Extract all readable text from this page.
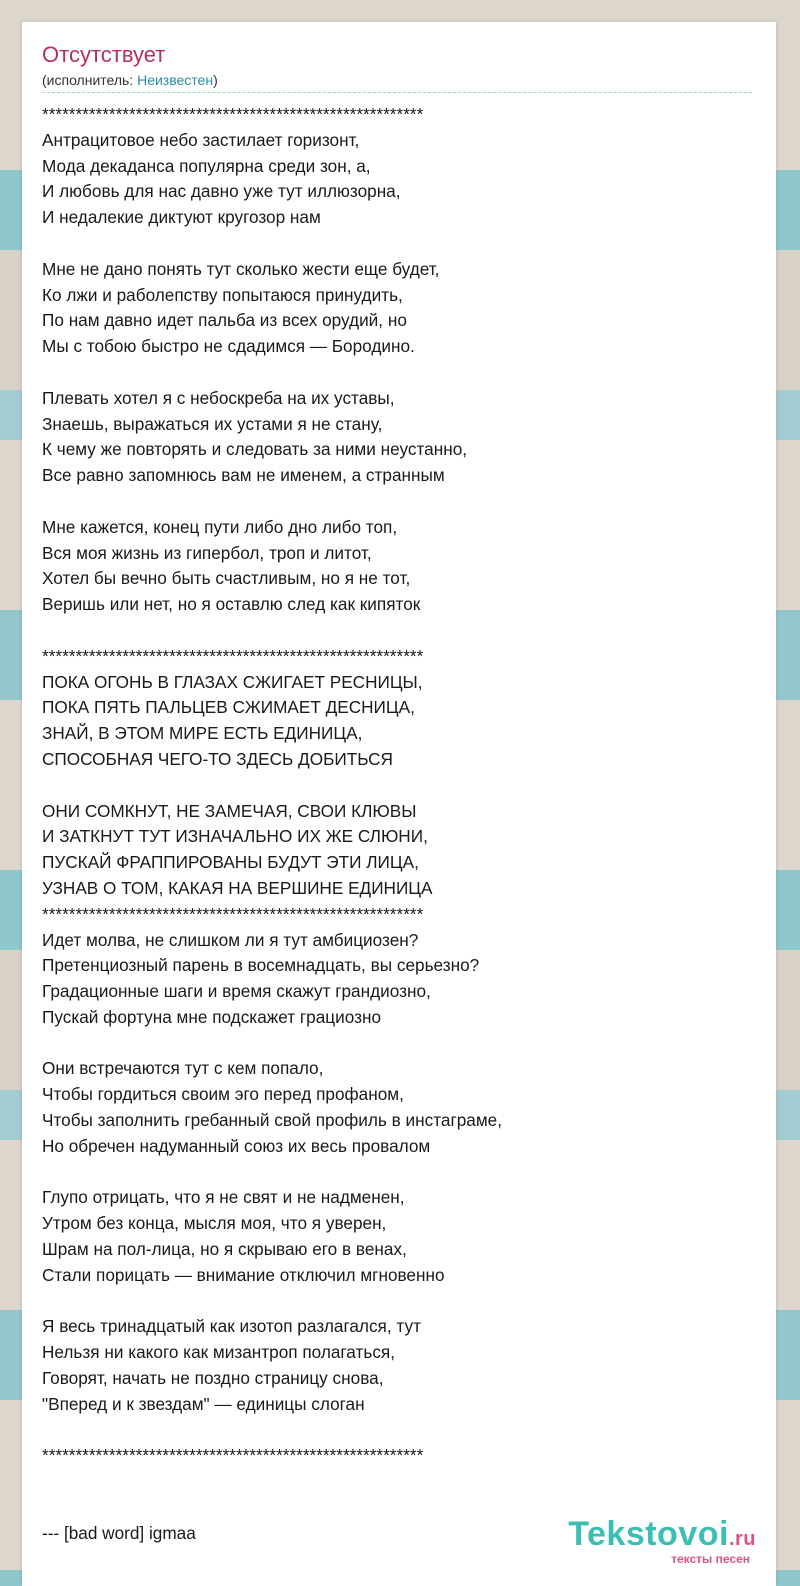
Отсутствует
(исполнитель: Неизвестен)
*********************************************************
Антрацитовое небо застилает горизонт,
Мода декаданса популярна среди зон, а,
И любовь для нас давно уже тут иллюзорна,
И недалекие диктуют кругозор нам
Мне не дано понять тут сколько жести еще будет,
Ко лжи и раболепству попытаюся принудить,
По нам давно идет пальба из всех орудий, но
Мы с тобою быстро не сдадимся — Бородино.
Плевать хотел я с небоскреба на их уставы,
Знаешь, выражаться их устами я не стану,
К чему же повторять и следовать за ними неустанно,
Все равно запомнюсь вам не именем, а странным
Мне кажется, конец пути либо дно либо топ,
Вся моя жизнь из гипербол, троп и литот,
Хотел бы вечно быть счастливым, но я не тот,
Веришь или нет, но я оставлю след как кипяток
*********************************************************
ПОКА ОГОНЬ В ГЛАЗАХ СЖИГАЕТ РЕСНИЦЫ,
ПОКА ПЯТЬ ПАЛЬЦЕВ СЖИМАЕТ ДЕСНИЦА,
ЗНАЙ, В ЭТОМ МИРЕ ЕСТЬ ЕДИНИЦА,
СПОСОБНАЯ ЧЕГО-ТО ЗДЕСЬ ДОБИТЬСЯ
ОНИ СОМКНУТ, НЕ ЗАМЕЧАЯ, СВОИ КЛЮВЫ
И ЗАТКНУТ ТУТ ИЗНАЧАЛЬНО ИХ ЖЕ СЛЮНИ,
ПУСКАЙ ФРАППИРОВАНЫ БУДУТ ЭТИ ЛИЦА,
УЗНАВ О ТОМ, КАКАЯ НА ВЕРШИНЕ ЕДИНИЦА
*********************************************************
Идет молва, не слишком ли я тут амбициозен?
Претенциозный парень в восемнадцать, вы серьезно?
Градационные шаги и время скажут грандиозно,
Пускай фортуна мне подскажет грациозно
Они встречаются тут с кем попало,
Чтобы гордиться своим эго перед профаном,
Чтобы заполнить гребанный свой профиль в инстаграме,
Но обречен надуманный союз их весь провалом
Глупо отрицать, что я не свят и не надменен,
Утром без конца, мысля моя, что я уверен,
Шрам на пол-лица, но я скрываю его в венах,
Стали порицать — внимание отключил мгновенно
Я весь тринадцатый как изотоп разлагался, тут
Нельзя ни какого как мизантроп полагаться,
Говорят, начать не поздно страницу снова,
"Вперед и к звездам" — единицы слоган
*********************************************************
--- [bad word] igmaa	Tekstovoi.ru
тексты песен
